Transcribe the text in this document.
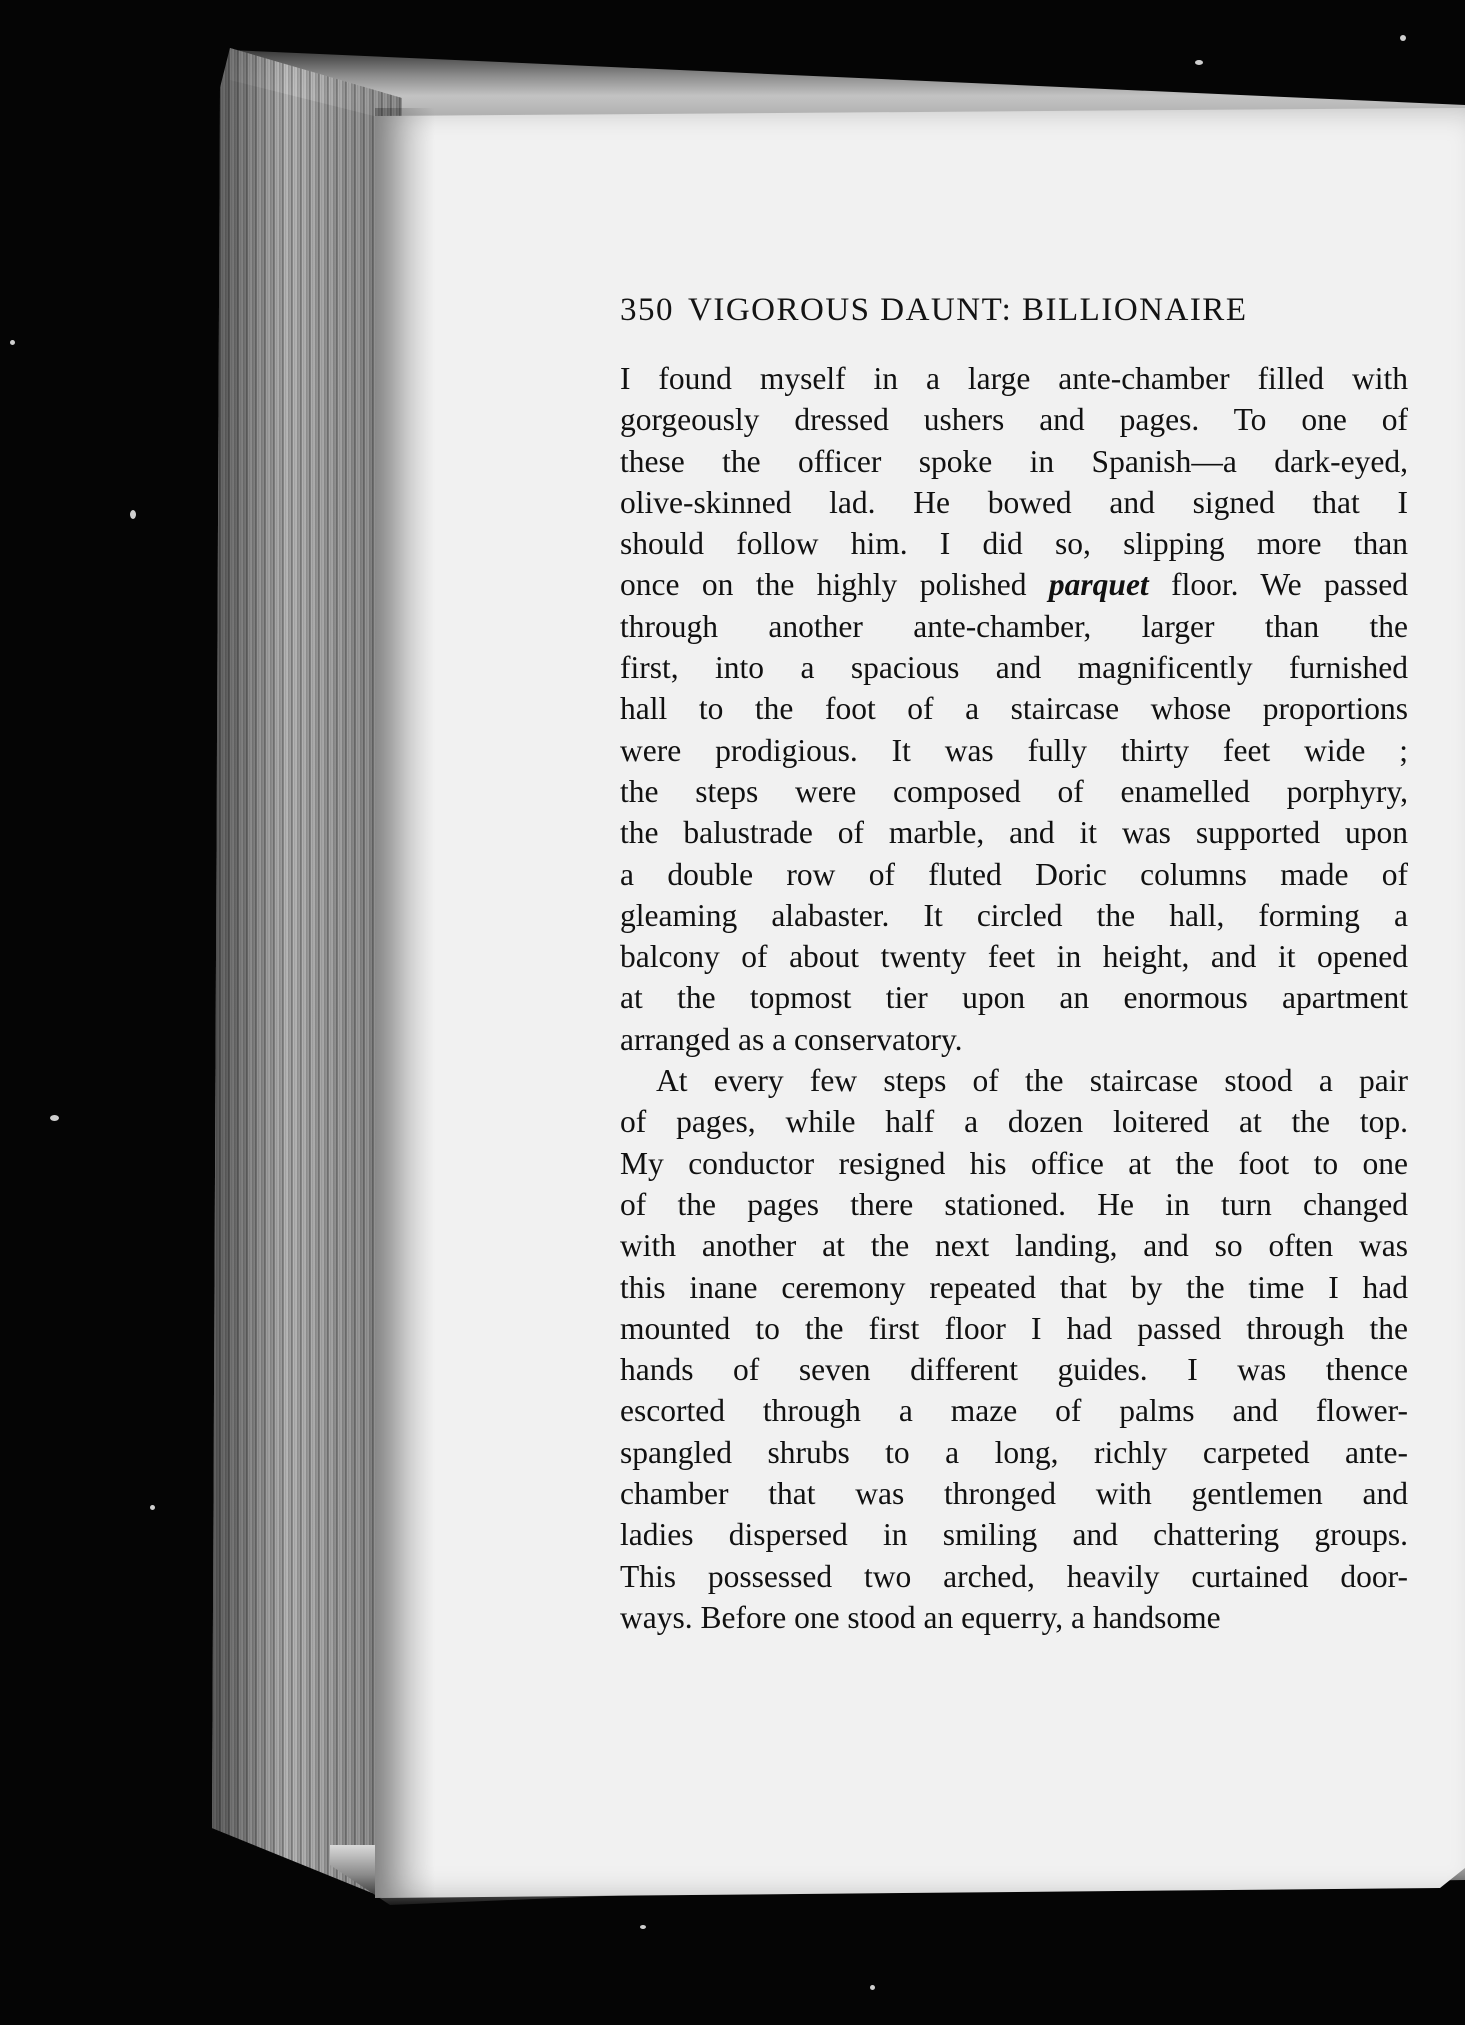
350 VIGOROUS DAUNT: BILLIONAIRE
I found myself in a large ante-chamber filled with
gorgeously dressed ushers and pages. To one of
these the officer spoke in Spanish—a dark-eyed,
olive-skinned lad. He bowed and signed that I
should follow him. I did so, slipping more than
once on the highly polished parquet floor. We passed
through another ante-chamber, larger than the
first, into a spacious and magnificently furnished
hall to the foot of a staircase whose proportions
were prodigious. It was fully thirty feet wide ;
the steps were composed of enamelled porphyry,
the balustrade of marble, and it was supported upon
a double row of fluted Doric columns made of
gleaming alabaster. It circled the hall, forming a
balcony of about twenty feet in height, and it opened
at the topmost tier upon an enormous apartment
arranged as a conservatory.
At every few steps of the staircase stood a pair
of pages, while half a dozen loitered at the top.
My conductor resigned his office at the foot to one
of the pages there stationed. He in turn changed
with another at the next landing, and so often was
this inane ceremony repeated that by the time I had
mounted to the first floor I had passed through the
hands of seven different guides. I was thence
escorted through a maze of palms and flower-
spangled shrubs to a long, richly carpeted ante-
chamber that was thronged with gentlemen and
ladies dispersed in smiling and chattering groups.
This possessed two arched, heavily curtained door-
ways. Before one stood an equerry, a handsome
